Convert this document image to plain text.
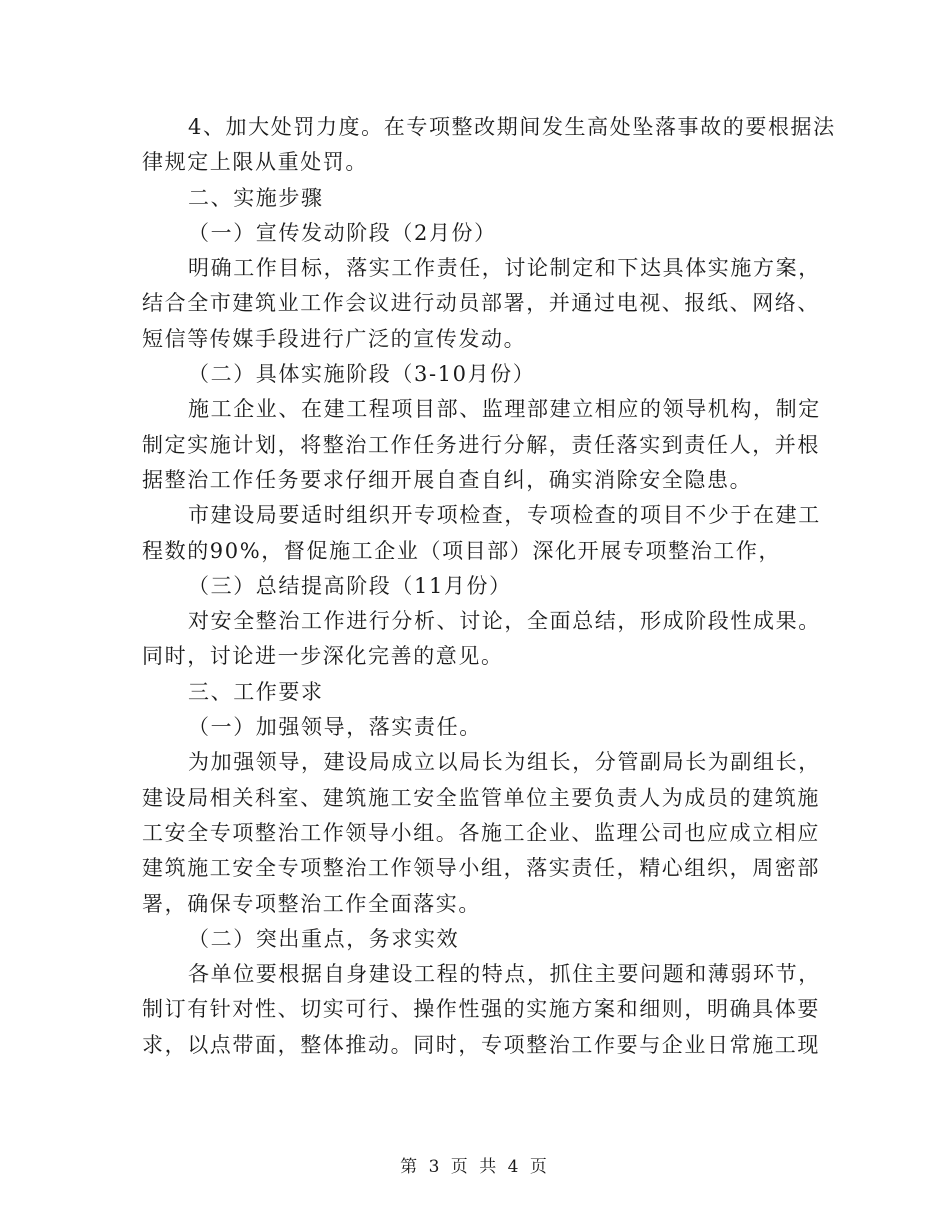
4、加大处罚力度。在专项整改期间发生高处坠落事故的要根据法
律规定上限从重处罚。
二、实施步骤
（一）宣传发动阶段（2月份）
明确工作目标，落实工作责任，讨论制定和下达具体实施方案，
结合全市建筑业工作会议进行动员部署，并通过电视、报纸、网络、
短信等传媒手段进行广泛的宣传发动。
（二）具体实施阶段（3-10月份）
施工企业、在建工程项目部、监理部建立相应的领导机构，制定
制定实施计划，将整治工作任务进行分解，责任落实到责任人，并根
据整治工作任务要求仔细开展自查自纠，确实消除安全隐患。
市建设局要适时组织开专项检查，专项检查的项目不少于在建工
程数的90%，督促施工企业（项目部）深化开展专项整治工作，
（三）总结提高阶段（11月份）
对安全整治工作进行分析、讨论，全面总结，形成阶段性成果。
同时，讨论进一步深化完善的意见。
三、工作要求
（一）加强领导，落实责任。
为加强领导，建设局成立以局长为组长，分管副局长为副组长，
建设局相关科室、建筑施工安全监管单位主要负责人为成员的建筑施
工安全专项整治工作领导小组。各施工企业、监理公司也应成立相应
建筑施工安全专项整治工作领导小组，落实责任，精心组织，周密部
署，确保专项整治工作全面落实。
（二）突出重点，务求实效
各单位要根据自身建设工程的特点，抓住主要问题和薄弱环节，
制订有针对性、切实可行、操作性强的实施方案和细则，明确具体要
求，以点带面，整体推动。同时，专项整治工作要与企业日常施工现
第 3 页 共 4 页
